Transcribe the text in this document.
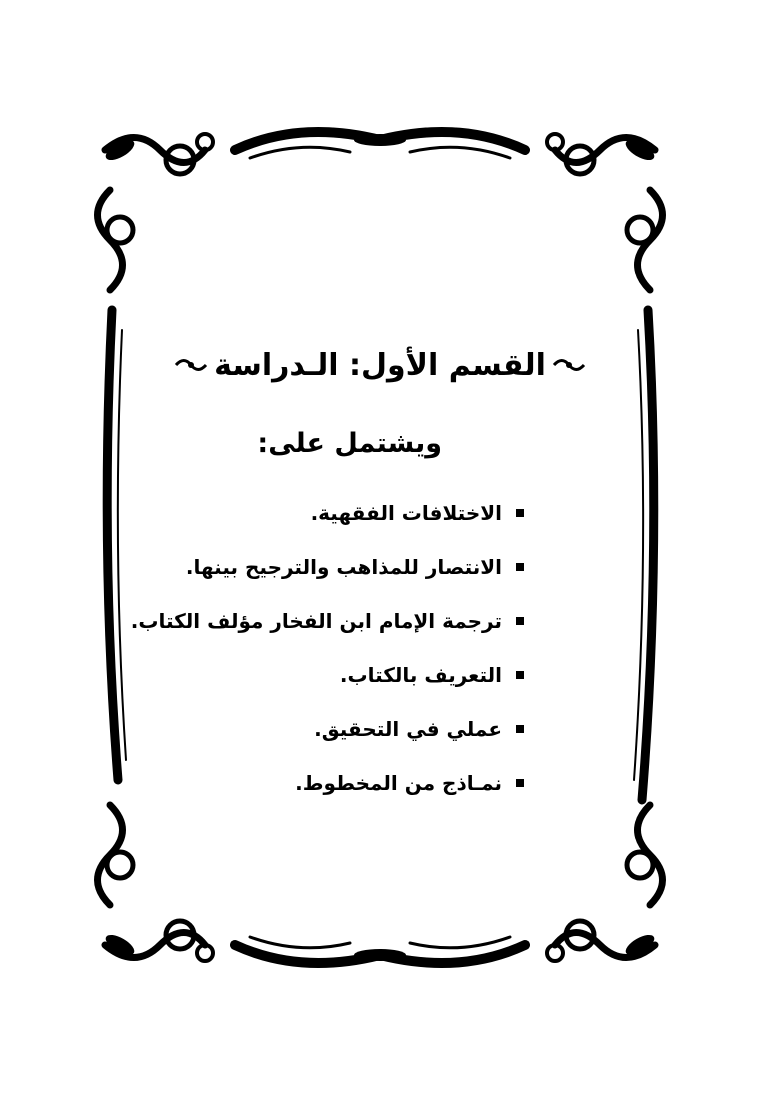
القسم الأول: الـدراسة
ويشتمل على:
الاختلافات الفقهية.
الانتصار للمذاهب والترجيح بينها.
ترجمة الإمام ابن الفخار مؤلف الكتاب.
التعريف بالكتاب.
عملي في التحقيق.
نمـاذج من المخطوط.
